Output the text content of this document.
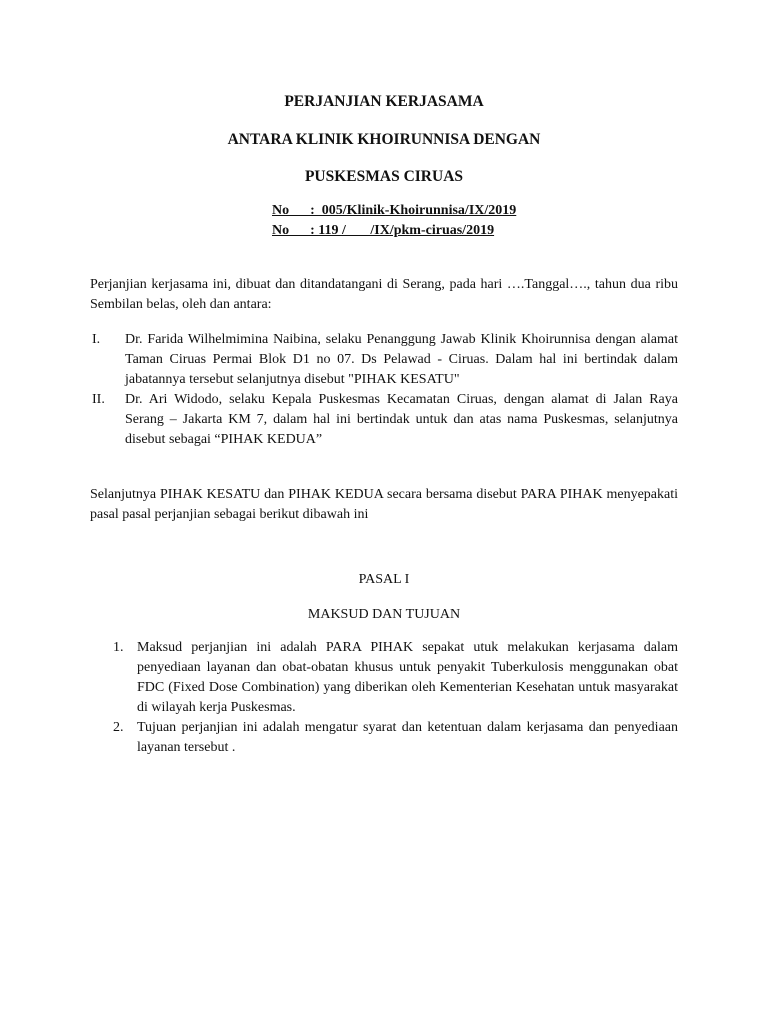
PERJANJIAN KERJASAMA
ANTARA KLINIK KHOIRUNNISA DENGAN
PUSKESMAS CIRUAS
No      :  005/Klinik-Khoirunnisa/IX/2019
No      : 119 /       /IX/pkm-ciruas/2019
Perjanjian kerjasama ini, dibuat dan ditandatangani di Serang, pada hari ….Tanggal…., tahun dua ribu Sembilan belas, oleh dan antara:
I.	Dr. Farida Wilhelmimina Naibina, selaku Penanggung Jawab Klinik Khoirunnisa dengan alamat Taman Ciruas Permai Blok D1 no 07. Ds Pelawad - Ciruas. Dalam hal ini bertindak dalam jabatannya tersebut selanjutnya disebut "PIHAK KESATU"
II.	Dr. Ari Widodo, selaku Kepala Puskesmas Kecamatan Ciruas, dengan alamat di Jalan Raya Serang – Jakarta KM 7, dalam hal ini bertindak untuk dan atas nama Puskesmas, selanjutnya disebut sebagai “PIHAK KEDUA”
Selanjutnya PIHAK KESATU dan PIHAK KEDUA secara bersama disebut PARA PIHAK menyepakati pasal pasal perjanjian sebagai berikut dibawah ini
PASAL I
MAKSUD DAN TUJUAN
1. Maksud perjanjian ini adalah PARA PIHAK sepakat utuk melakukan kerjasama dalam penyediaan layanan dan obat-obatan khusus untuk penyakit Tuberkulosis menggunakan obat FDC (Fixed Dose Combination) yang diberikan oleh Kementerian Kesehatan untuk masyarakat di wilayah kerja Puskesmas.
2. Tujuan perjanjian ini adalah mengatur syarat dan ketentuan dalam kerjasama dan penyediaan layanan tersebut .
